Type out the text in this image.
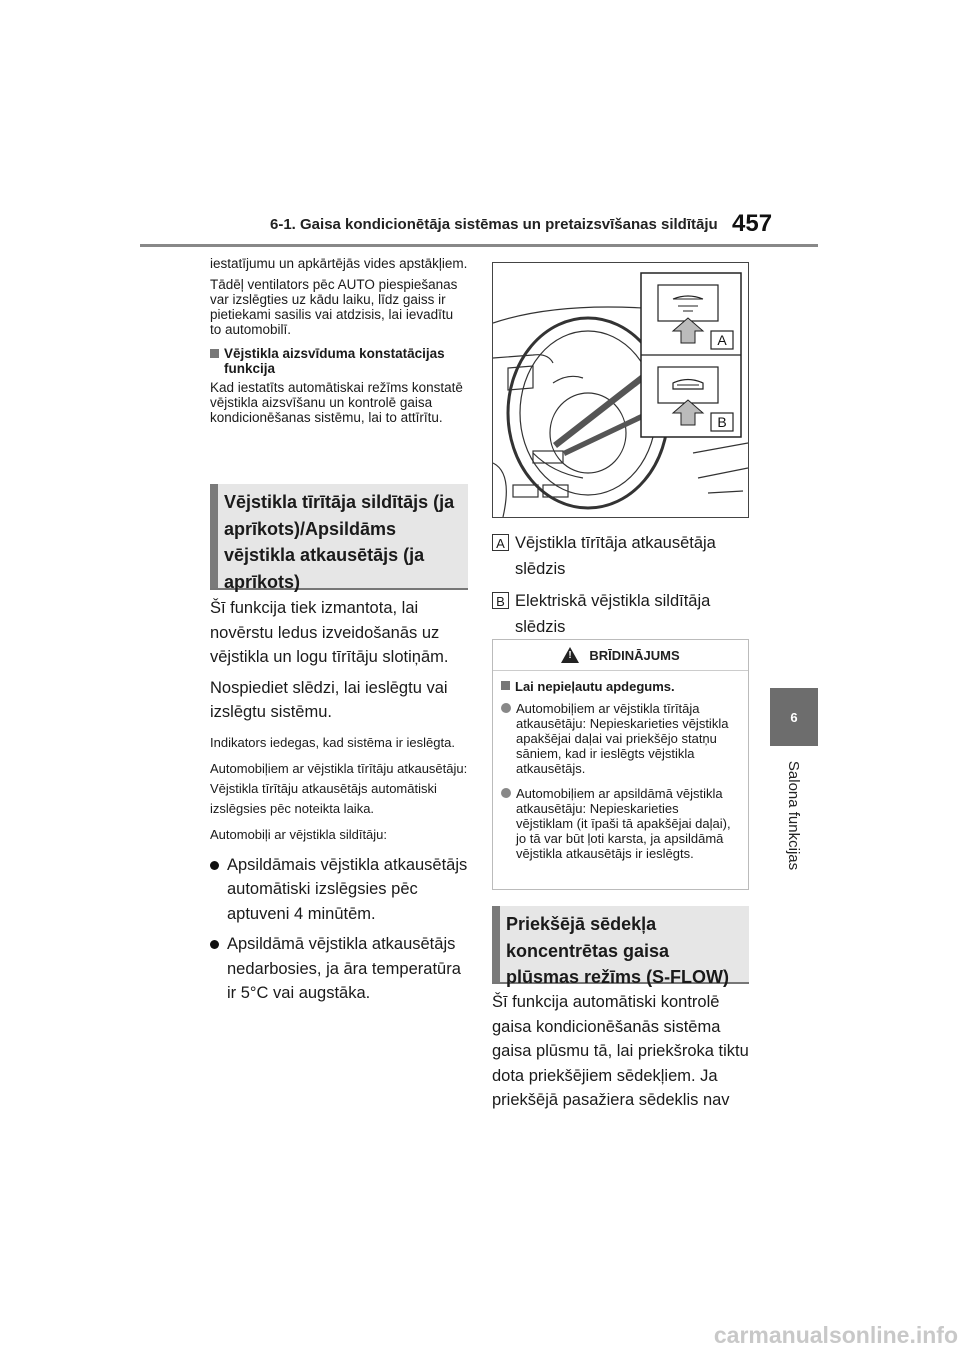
6-1. Gaisa kondicionētāja sistēmas un pretaizsvīšanas sildītāju 457
6
Salona funkcijas

iestatījumu un apkārtējās vides apstākļiem.

Tādēļ ventilators pēc AUTO piespiešanas var izslēgties uz kādu laiku, līdz gaiss ir pietiekami sasilis vai atdzisis, lai ievadītu to automobilī.

Vējstikla aizsvīduma konstatācijas funkcija

Kad iestatīts automātiskai režīms konstatē vējstikla aizsvīšanu un kontrolē gaisa kondicionēšanas sistēmu, lai to attīrītu.

Vējstikla tīrītāja sildītājs (ja aprīkots)/Apsildāms vējstikla atkausētājs (ja aprīkots)

Šī funkcija tiek izmantota, lai novērstu ledus izveidošanās uz vējstikla un logu tīrītāju slotiņām.

Nospiediet slēdzi, lai ieslēgtu vai izslēgtu sistēmu.

Indikators iedegas, kad sistēma ir ieslēgta.

Automobiļiem ar vējstikla tīrītāju atkausētāju: Vējstikla tīrītāju atkausētājs automātiski izslēgsies pēc noteikta laika.

Automobiļi ar vējstikla sildītāju:

Apsildāmais vējstikla atkausētājs automātiski izslēgsies pēc aptuveni 4 minūtēm.
Apsildāmā vējstikla atkausētājs nedarbosies, ja āra temperatūra ir 5°C vai augstāka.
A
B
A Vējstikla tīrītāja atkausētāja slēdzis
B Elektriskā vējstikla sildītāja slēdzis
!
BRĪDINĀJUMS
Lai nepieļautu apdegums.
Automobiļiem ar vējstikla tīrītāja atkausētāju: Nepieskarieties vējstikla apakšējai daļai vai priekšējo statņu sāniem, kad ir ieslēgts vējstikla atkausētājs.
Automobiļiem ar apsildāmā vējstikla atkausētāju: Nepieskarieties vējstiklam (it īpaši tā apakšējai daļai), jo tā var būt ļoti karsta, ja apsildāmā vējstikla atkausētājs ir ieslēgts.
Priekšējā sēdekļa koncentrētas gaisa plūsmas režīms (S-FLOW)

Šī funkcija automātiski kontrolē gaisa kondicionēšanās sistēma gaisa plūsmu tā, lai priekšroka tiktu dota priekšējiem sēdekļiem. Ja priekšējā pasažiera sēdeklis nav

carmanualsonline.info
